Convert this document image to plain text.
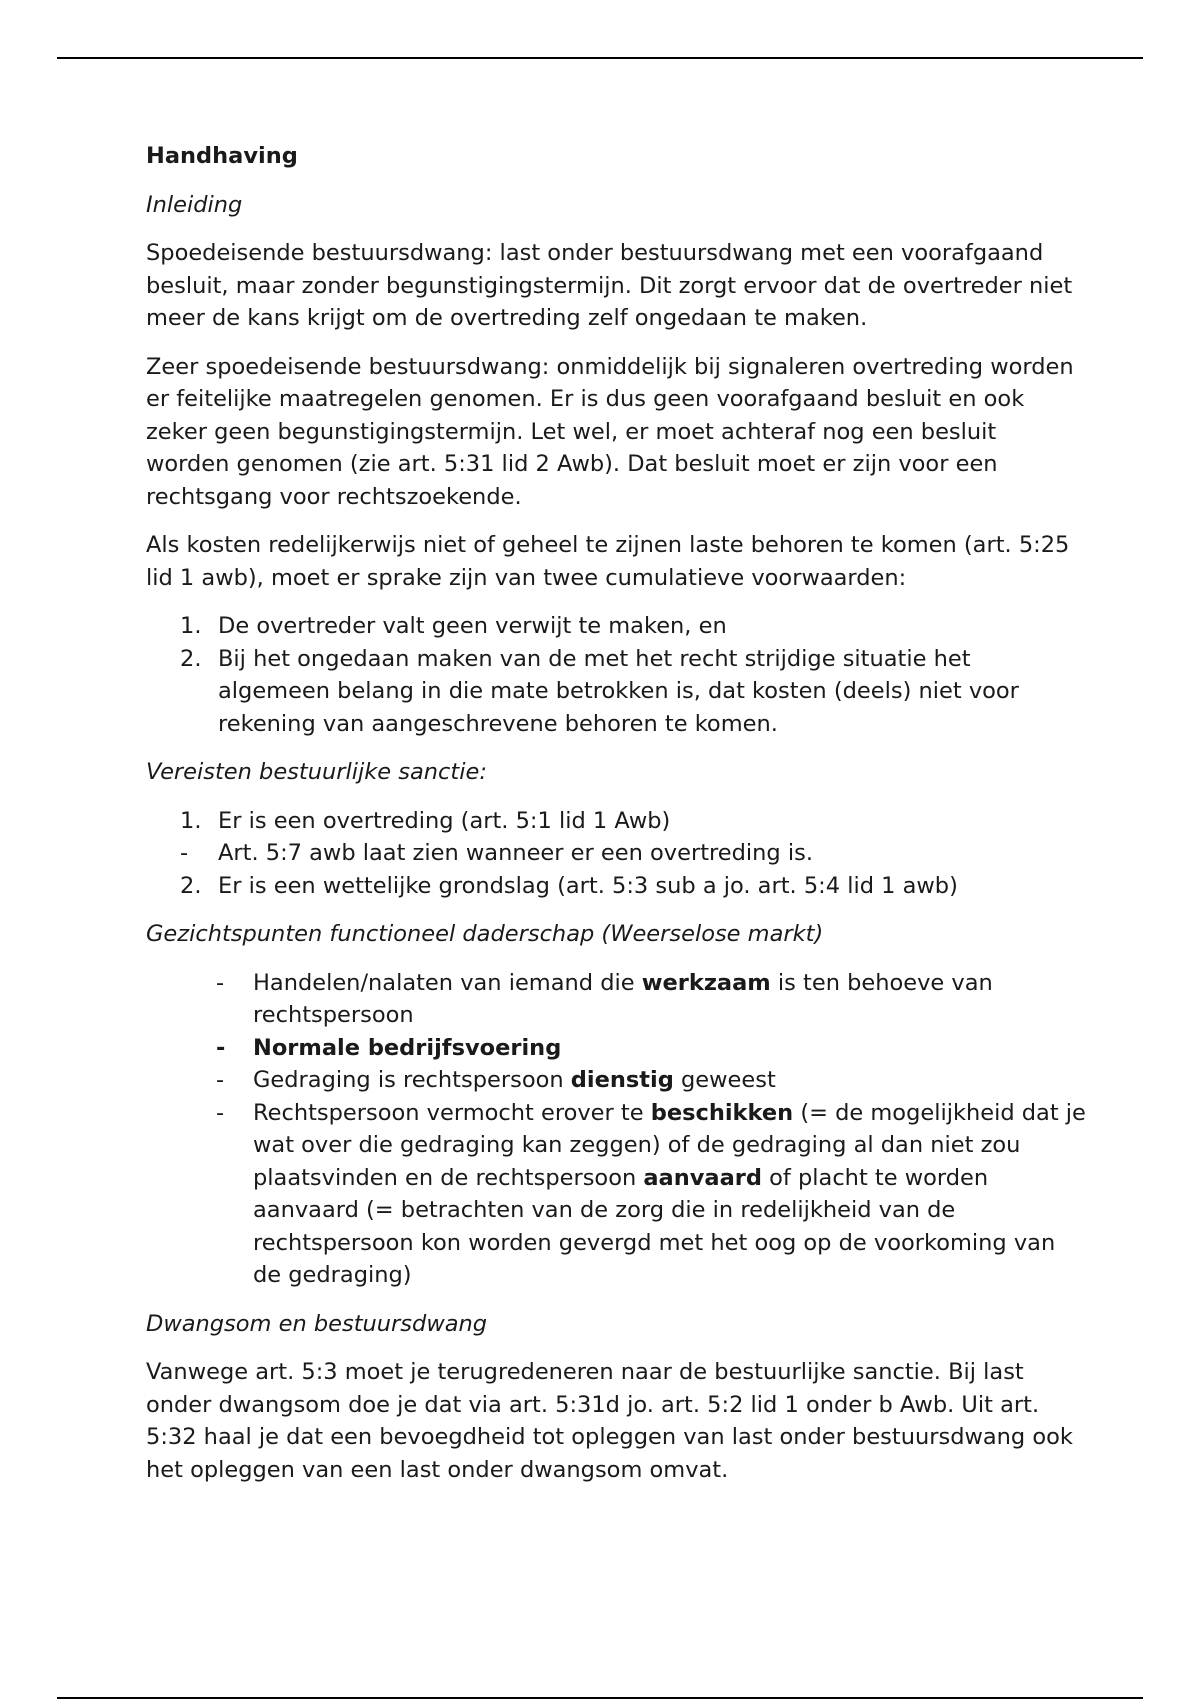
Handhaving

Inleiding

Spoedeisende bestuursdwang: last onder bestuursdwang met een voorafgaand besluit, maar zonder begunstigingstermijn. Dit zorgt ervoor dat de overtreder niet meer de kans krijgt om de overtreding zelf ongedaan te maken.

Zeer spoedeisende bestuursdwang: onmiddelijk bij signaleren overtreding worden er feitelijke maatregelen genomen. Er is dus geen voorafgaand besluit en ook zeker geen begunstigingstermijn. Let wel, er moet achteraf nog een besluit worden genomen (zie art. 5:31 lid 2 Awb). Dat besluit moet er zijn voor een rechtsgang voor rechtszoekende.

Als kosten redelijkerwijs niet of geheel te zijnen laste behoren te komen (art. 5:25 lid 1 awb), moet er sprake zijn van twee cumulatieve voorwaarden:

1. De overtreder valt geen verwijt te maken, en
2. Bij het ongedaan maken van de met het recht strijdige situatie het algemeen belang in die mate betrokken is, dat kosten (deels) niet voor rekening van aangeschrevene behoren te komen.

Vereisten bestuurlijke sanctie:

1. Er is een overtreding (art. 5:1 lid 1 Awb)
- Art. 5:7 awb laat zien wanneer er een overtreding is.
2. Er is een wettelijke grondslag (art. 5:3 sub a jo. art. 5:4 lid 1 awb)

Gezichtspunten functioneel daderschap (Weerselose markt)

- Handelen/nalaten van iemand die werkzaam is ten behoeve van rechtspersoon
- Normale bedrijfsvoering
- Gedraging is rechtspersoon dienstig geweest
- Rechtspersoon vermocht erover te beschikken (= de mogelijkheid dat je wat over die gedraging kan zeggen) of de gedraging al dan niet zou plaatsvinden en de rechtspersoon aanvaard of placht te worden aanvaard (= betrachten van de zorg die in redelijkheid van de rechtspersoon kon worden gevergd met het oog op de voorkoming van de gedraging)

Dwangsom en bestuursdwang

Vanwege art. 5:3 moet je terugredeneren naar de bestuurlijke sanctie. Bij last onder dwangsom doe je dat via art. 5:31d jo. art. 5:2 lid 1 onder b Awb. Uit art. 5:32 haal je dat een bevoegdheid tot opleggen van last onder bestuursdwang ook het opleggen van een last onder dwangsom omvat.
